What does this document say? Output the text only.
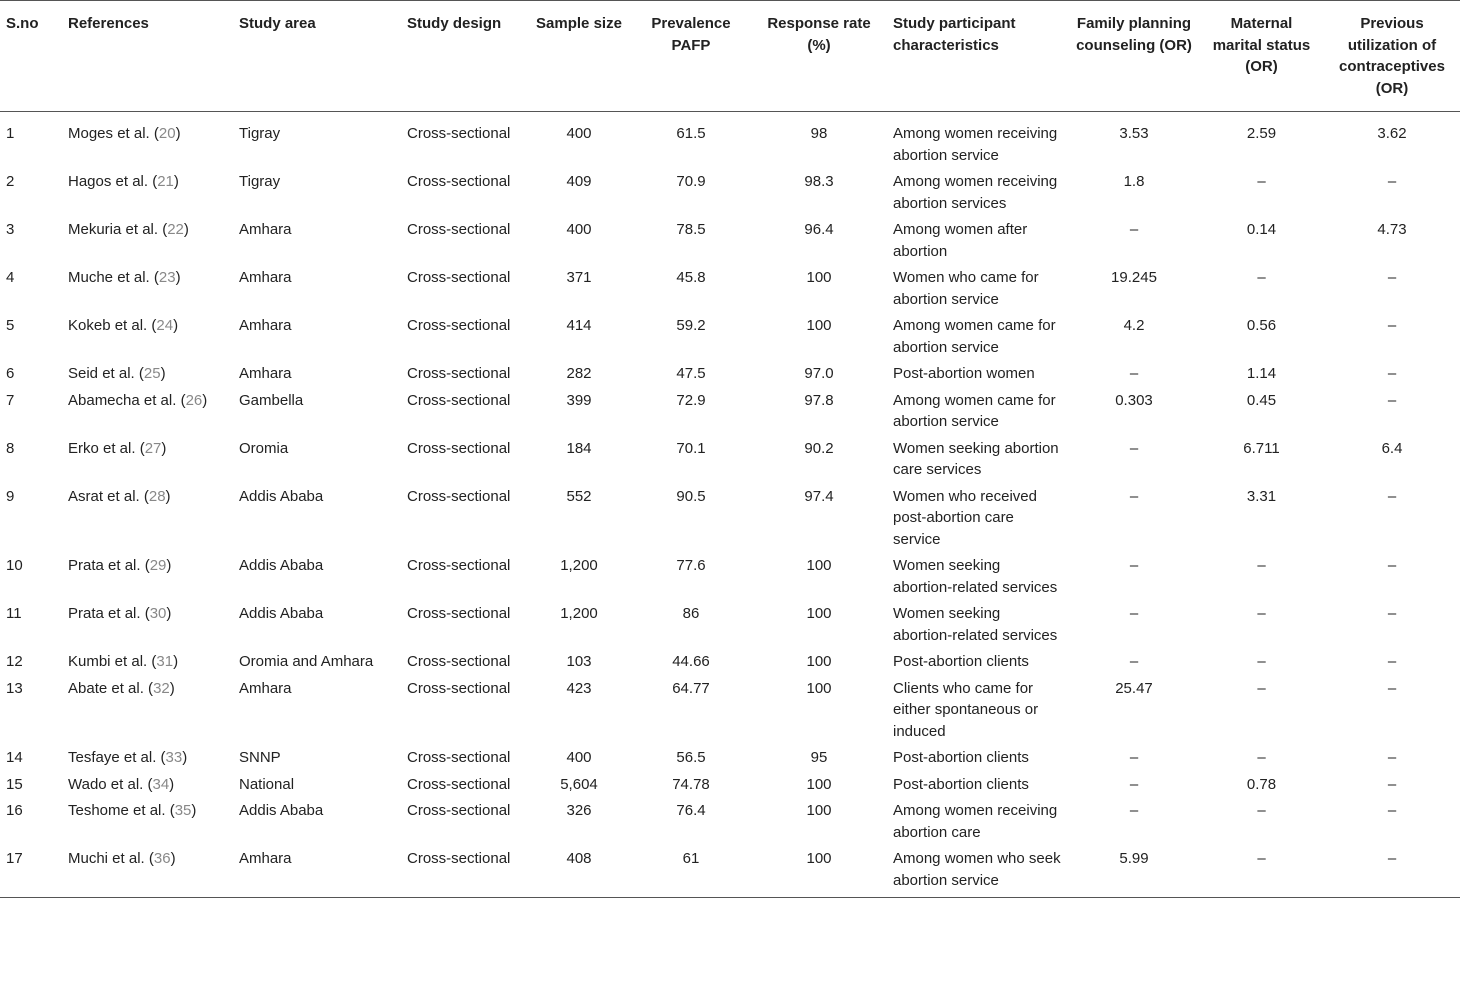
S.no	References	Study area	Study design	Sample size	Prevalence PAFP	Response rate (%)	Study participant characteristics	Family planning counseling (OR)	Maternal marital status (OR)	Previous utilization of contraceptives (OR)
1	Moges et al. (20)	Tigray	Cross-sectional	400	61.5	98	Among women receiving abortion service	3.53	2.59	3.62
2	Hagos et al. (21)	Tigray	Cross-sectional	409	70.9	98.3	Among women receiving abortion services	1.8	–	–
3	Mekuria et al. (22)	Amhara	Cross-sectional	400	78.5	96.4	Among women after abortion	–	0.14	4.73
4	Muche et al. (23)	Amhara	Cross-sectional	371	45.8	100	Women who came for abortion service	19.245	–	–
5	Kokeb et al. (24)	Amhara	Cross-sectional	414	59.2	100	Among women came for abortion service	4.2	0.56	–
6	Seid et al. (25)	Amhara	Cross-sectional	282	47.5	97.0	Post-abortion women	–	1.14	–
7	Abamecha et al. (26)	Gambella	Cross-sectional	399	72.9	97.8	Among women came for abortion service	0.303	0.45	–
8	Erko et al. (27)	Oromia	Cross-sectional	184	70.1	90.2	Women seeking abortion care services	–	6.711	6.4
9	Asrat et al. (28)	Addis Ababa	Cross-sectional	552	90.5	97.4	Women who received post-abortion care service	–	3.31	–
10	Prata et al. (29)	Addis Ababa	Cross-sectional	1,200	77.6	100	Women seeking abortion-related services	–	–	–
11	Prata et al. (30)	Addis Ababa	Cross-sectional	1,200	86	100	Women seeking abortion-related services	–	–	–
12	Kumbi et al. (31)	Oromia and Amhara	Cross-sectional	103	44.66	100	Post-abortion clients	–	–	–
13	Abate et al. (32)	Amhara	Cross-sectional	423	64.77	100	Clients who came for either spontaneous or induced	25.47	–	–
14	Tesfaye et al. (33)	SNNP	Cross-sectional	400	56.5	95	Post-abortion clients	–	–	–
15	Wado et al. (34)	National	Cross-sectional	5,604	74.78	100	Post-abortion clients	–	0.78	–
16	Teshome et al. (35)	Addis Ababa	Cross-sectional	326	76.4	100	Among women receiving abortion care	–	–	–
17	Muchi et al. (36)	Amhara	Cross-sectional	408	61	100	Among women who seek abortion service	5.99	–	–
